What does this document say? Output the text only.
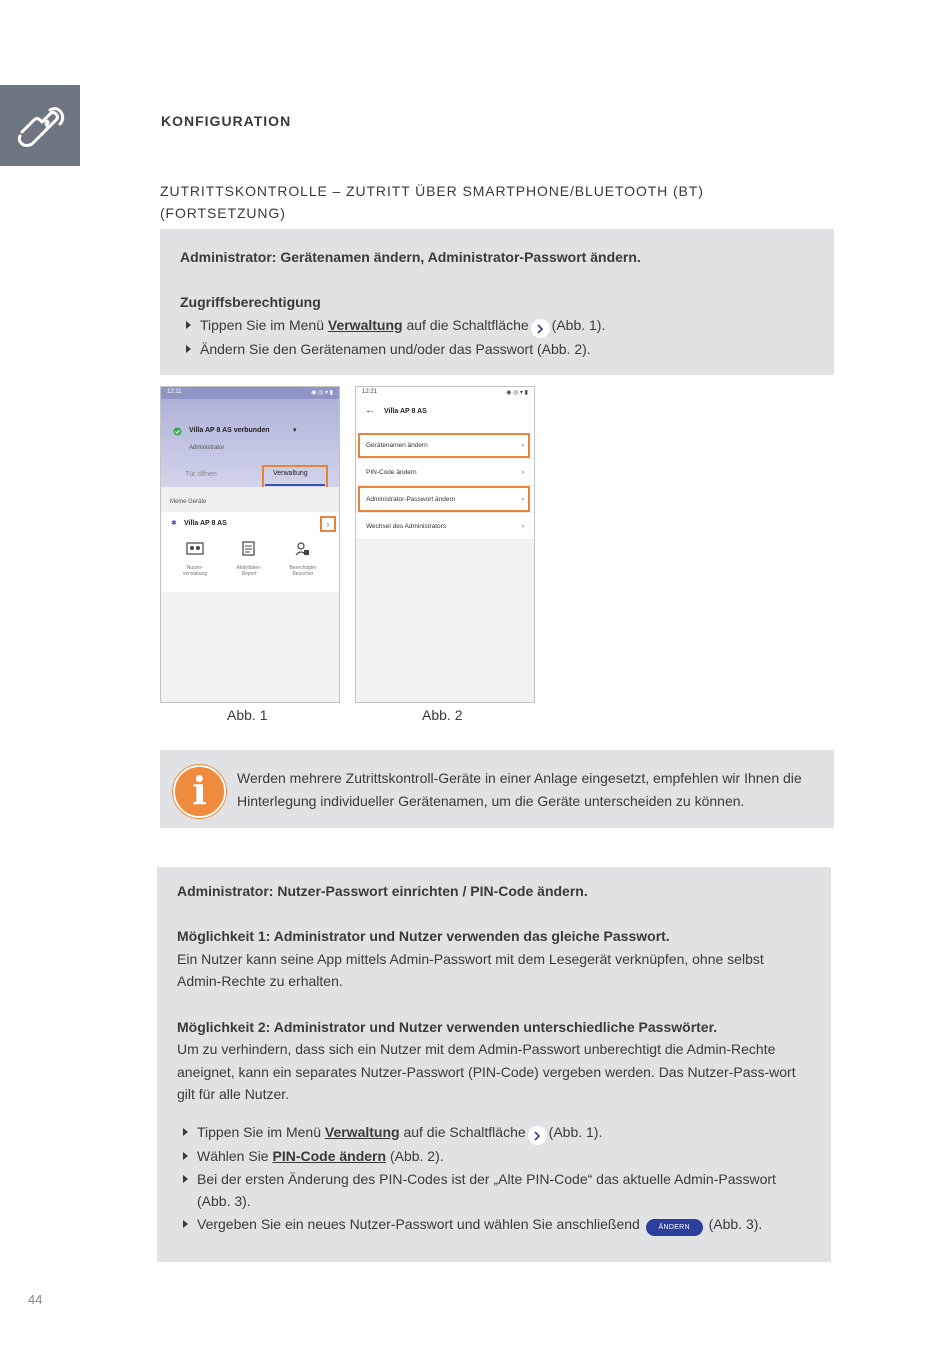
KONFIGURATION
ZUTRITTSKONTROLLE – ZUTRITT ÜBER SMARTPHONE/BLUETOOTH (BT) (FORTSETZUNG)
Administrator: Gerätenamen ändern, Administrator-Passwort ändern.
Zugriffsberechtigung
Tippen Sie im Menü Verwaltung auf die Schaltfläche (Abb. 1).
Ändern Sie den Gerätenamen und/oder das Passwort (Abb. 2).
12:11	◉ ◎ ▾ ▮
Villa AP 8 AS verbunden	▾
Administrator
Tür öffnen	Verwaltung
Meine Geräte
✱ Villa AP 8 AS	›
Nutzer-
verwaltung
Aktivitäten-
Report
Berechtigter
Besucher
12:21	◉ ◎ ▾ ▮
← Villa AP 8 AS
Gerätenamen ändern	›
PIN-Code ändern	›
Administrator-Passwort ändern	›
Wechsel des Administrators	›
Abb. 1	Abb. 2
i	Werden mehrere Zutrittskontroll-Geräte in einer Anlage eingesetzt, empfehlen wir Ihnen die Hinterlegung individueller Gerätenamen, um die Geräte unterscheiden zu können.
Administrator: Nutzer-Passwort einrichten / PIN-Code ändern.
Möglichkeit 1: Administrator und Nutzer verwenden das gleiche Passwort.
Ein Nutzer kann seine App mittels Admin-Passwort mit dem Lesegerät verknüpfen, ohne selbst Admin-Rechte zu erhalten.
Möglichkeit 2: Administrator und Nutzer verwenden unterschiedliche Passwörter.
Um zu verhindern, dass sich ein Nutzer mit dem Admin-Passwort unberechtigt die Admin-Rechte aneignet, kann ein separates Nutzer-Passwort (PIN-Code) vergeben werden. Das Nutzer-Pass-wort gilt für alle Nutzer.
Tippen Sie im Menü Verwaltung auf die Schaltfläche (Abb. 1).
Wählen Sie PIN-Code ändern (Abb. 2).
Bei der ersten Änderung des PIN-Codes ist der „Alte PIN-Code“ das aktuelle Admin-Passwort (Abb. 3).
Vergeben Sie ein neues Nutzer-Passwort und wählen Sie anschließend	ÄNDERN (Abb. 3).
44
